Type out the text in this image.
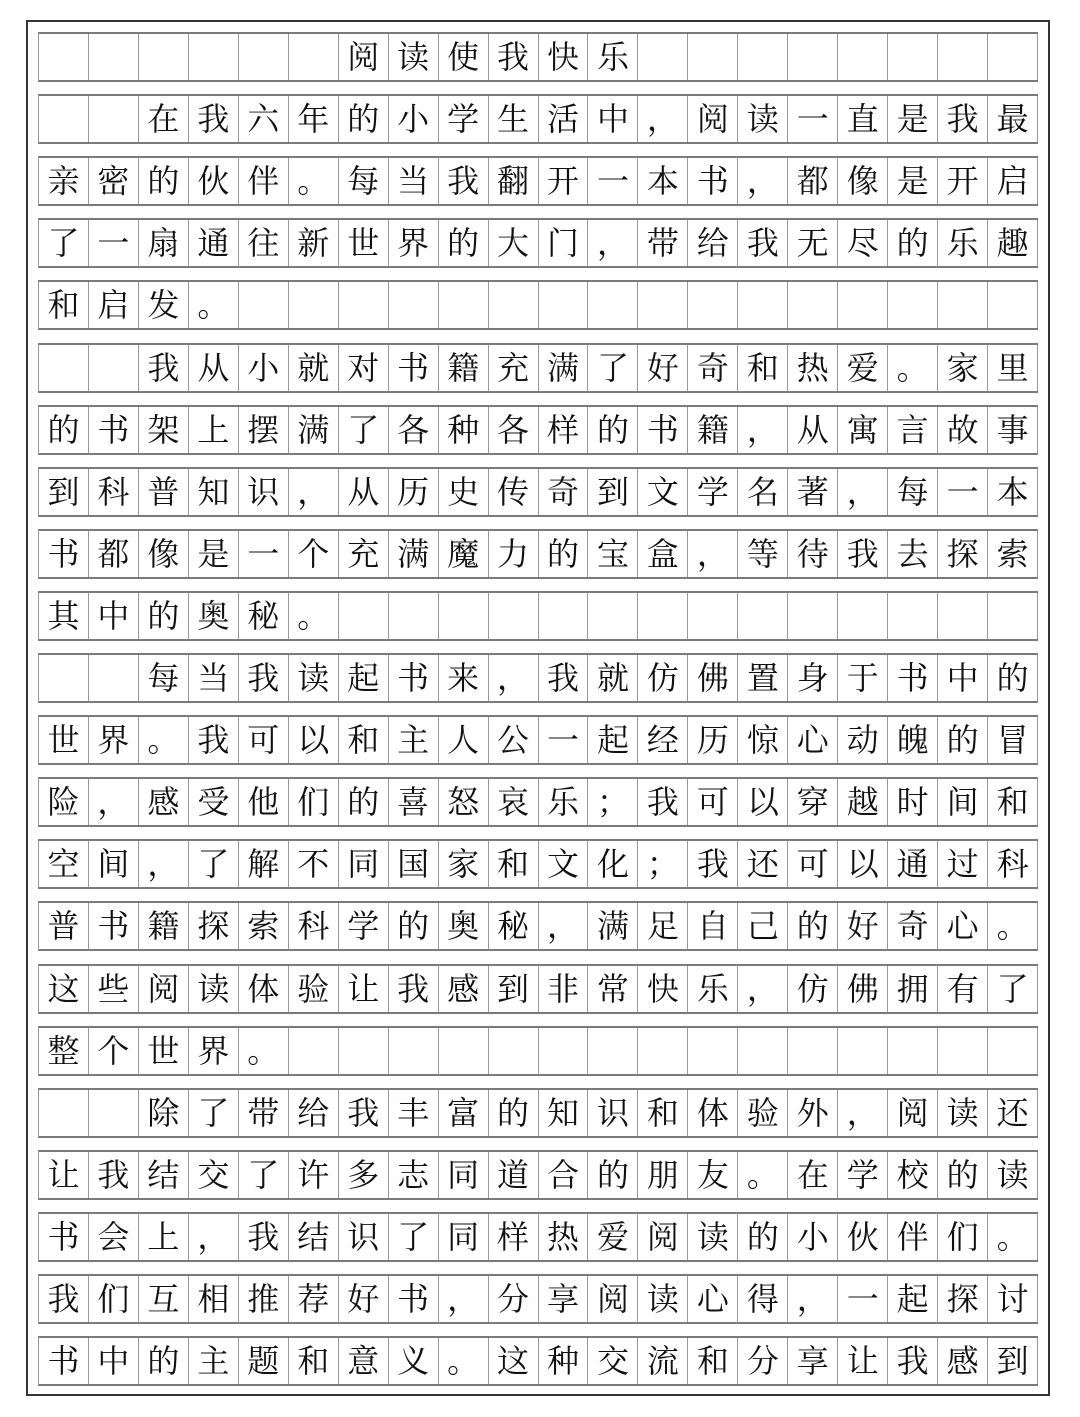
阅 读 使 我 快 乐
在 我 六 年 的 小 学 生 活 中 ， 阅 读 一 直 是 我 最
亲 密 的 伙 伴 。 每 当 我 翻 开 一 本 书 ， 都 像 是 开 启
了 一 扇 通 往 新 世 界 的 大 门 ， 带 给 我 无 尽 的 乐 趣
和 启 发 。
我 从 小 就 对 书 籍 充 满 了 好 奇 和 热 爱 。 家 里
的 书 架 上 摆 满 了 各 种 各 样 的 书 籍 ， 从 寓 言 故 事
到 科 普 知 识 ， 从 历 史 传 奇 到 文 学 名 著 ， 每 一 本
书 都 像 是 一 个 充 满 魔 力 的 宝 盒 ， 等 待 我 去 探 索
其 中 的 奥 秘 。
每 当 我 读 起 书 来 ， 我 就 仿 佛 置 身 于 书 中 的
世 界 。 我 可 以 和 主 人 公 一 起 经 历 惊 心 动 魄 的 冒
险 ， 感 受 他 们 的 喜 怒 哀 乐 ； 我 可 以 穿 越 时 间 和
空 间 ， 了 解 不 同 国 家 和 文 化 ； 我 还 可 以 通 过 科
普 书 籍 探 索 科 学 的 奥 秘 ， 满 足 自 己 的 好 奇 心 。
这 些 阅 读 体 验 让 我 感 到 非 常 快 乐 ， 仿 佛 拥 有 了
整 个 世 界 。
除 了 带 给 我 丰 富 的 知 识 和 体 验 外 ， 阅 读 还
让 我 结 交 了 许 多 志 同 道 合 的 朋 友 。 在 学 校 的 读
书 会 上 ， 我 结 识 了 同 样 热 爱 阅 读 的 小 伙 伴 们 。
我 们 互 相 推 荐 好 书 ， 分 享 阅 读 心 得 ， 一 起 探 讨
书 中 的 主 题 和 意 义 。 这 种 交 流 和 分 享 让 我 感 到
